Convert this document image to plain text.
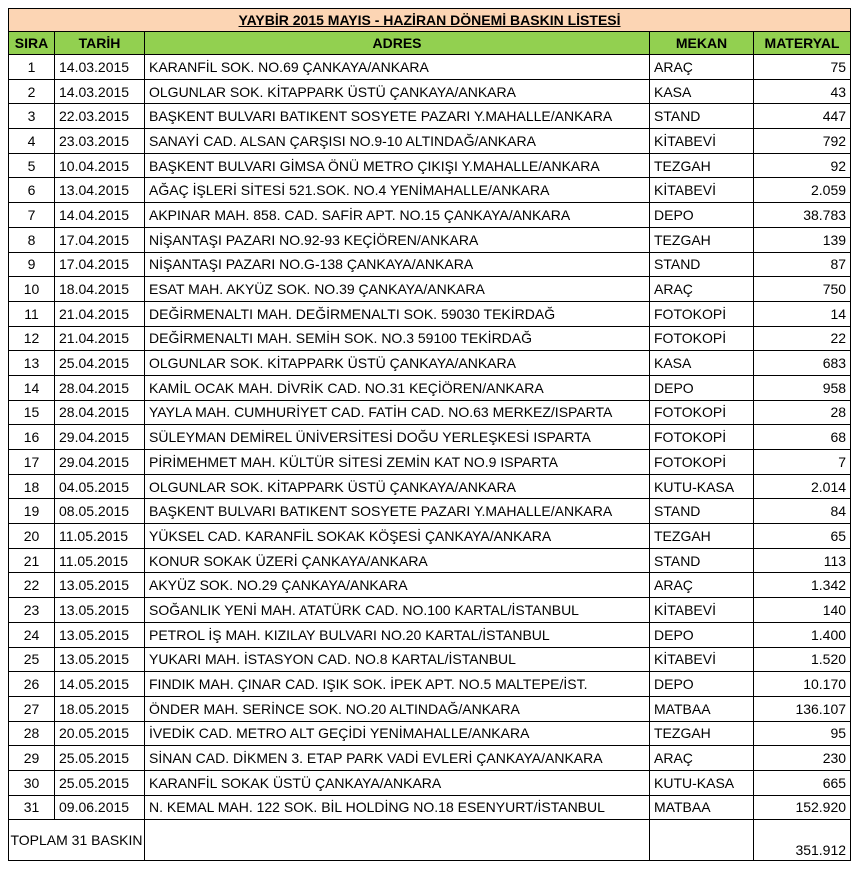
YAYBİR 2015 MAYIS - HAZİRAN DÖNEMİ BASKIN LİSTESİ				
SIRA	TARİH	ADRES	MEKAN	MATERYAL
1	14.03.2015	KARANFİL SOK. NO.69 ÇANKAYA/ANKARA	ARAÇ	75
2	14.03.2015	OLGUNLAR SOK. KİTAPPARK ÜSTÜ ÇANKAYA/ANKARA	KASA	43
3	22.03.2015	BAŞKENT BULVARI BATIKENT SOSYETE PAZARI Y.MAHALLE/ANKARA	STAND	447
4	23.03.2015	SANAYİ CAD. ALSAN ÇARŞISI NO.9-10 ALTINDAĞ/ANKARA	KİTABEVİ	792
5	10.04.2015	BAŞKENT BULVARI GİMSA ÖNÜ METRO ÇIKIŞI Y.MAHALLE/ANKARA	TEZGAH	92
6	13.04.2015	AĞAÇ İŞLERİ SİTESİ 521.SOK. NO.4 YENİMAHALLE/ANKARA	KİTABEVİ	2.059
7	14.04.2015	AKPINAR MAH. 858. CAD. SAFİR APT. NO.15 ÇANKAYA/ANKARA	DEPO	38.783
8	17.04.2015	NİŞANTAŞI PAZARI NO.92-93 KEÇİÖREN/ANKARA	TEZGAH	139
9	17.04.2015	NİŞANTAŞI PAZARI NO.G-138 ÇANKAYA/ANKARA	STAND	87
10	18.04.2015	ESAT MAH. AKYÜZ SOK. NO.39 ÇANKAYA/ANKARA	ARAÇ	750
11	21.04.2015	DEĞİRMENALTI MAH. DEĞİRMENALTI SOK. 59030 TEKİRDAĞ	FOTOKOPİ	14
12	21.04.2015	DEĞİRMENALTI MAH. SEMİH SOK. NO.3 59100 TEKİRDAĞ	FOTOKOPİ	22
13	25.04.2015	OLGUNLAR SOK. KİTAPPARK ÜSTÜ ÇANKAYA/ANKARA	KASA	683
14	28.04.2015	KAMİL OCAK MAH. DİVRİK CAD. NO.31 KEÇİÖREN/ANKARA	DEPO	958
15	28.04.2015	YAYLA MAH. CUMHURİYET CAD. FATİH CAD. NO.63 MERKEZ/ISPARTA	FOTOKOPİ	28
16	29.04.2015	SÜLEYMAN DEMİREL ÜNİVERSİTESİ DOĞU YERLEŞKESİ ISPARTA	FOTOKOPİ	68
17	29.04.2015	PİRİMEHMET MAH. KÜLTÜR SİTESİ ZEMİN KAT NO.9 ISPARTA	FOTOKOPİ	7
18	04.05.2015	OLGUNLAR SOK. KİTAPPARK ÜSTÜ ÇANKAYA/ANKARA	KUTU-KASA	2.014
19	08.05.2015	BAŞKENT BULVARI BATIKENT SOSYETE PAZARI Y.MAHALLE/ANKARA	STAND	84
20	11.05.2015	YÜKSEL CAD. KARANFİL SOKAK KÖŞESİ ÇANKAYA/ANKARA	TEZGAH	65
21	11.05.2015	KONUR SOKAK ÜZERİ ÇANKAYA/ANKARA	STAND	113
22	13.05.2015	AKYÜZ SOK. NO.29 ÇANKAYA/ANKARA	ARAÇ	1.342
23	13.05.2015	SOĞANLIK YENİ MAH. ATATÜRK CAD. NO.100 KARTAL/İSTANBUL	KİTABEVİ	140
24	13.05.2015	PETROL İŞ MAH. KIZILAY BULVARI NO.20 KARTAL/İSTANBUL	DEPO	1.400
25	13.05.2015	YUKARI MAH. İSTASYON CAD. NO.8 KARTAL/İSTANBUL	KİTABEVİ	1.520
26	14.05.2015	FINDIK MAH. ÇINAR CAD. IŞIK SOK. İPEK APT. NO.5 MALTEPE/İST.	DEPO	10.170
27	18.05.2015	ÖNDER MAH. SERİNCE SOK. NO.20 ALTINDAĞ/ANKARA	MATBAA	136.107
28	20.05.2015	İVEDİK CAD. METRO ALT GEÇİDİ YENİMAHALLE/ANKARA	TEZGAH	95
29	25.05.2015	SİNAN CAD. DİKMEN 3. ETAP PARK VADİ EVLERİ ÇANKAYA/ANKARA	ARAÇ	230
30	25.05.2015	KARANFİL SOKAK ÜSTÜ ÇANKAYA/ANKARA	KUTU-KASA	665
31	09.06.2015	N. KEMAL MAH. 122 SOK. BİL HOLDİNG NO.18 ESENYURT/İSTANBUL	MATBAA	152.920
TOPLAM 31 BASKIN				351.912
